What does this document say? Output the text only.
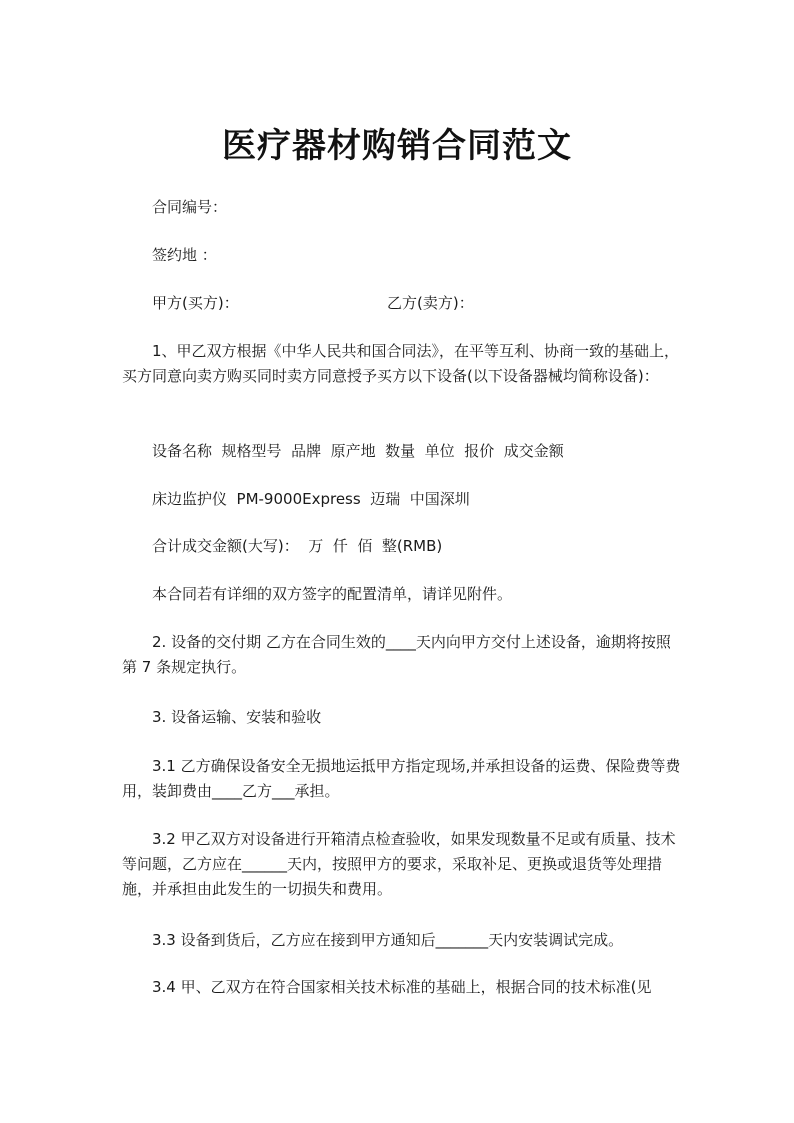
医疗器材购销合同范文
合同编号：
签约地 ：
甲方(买方)：	乙方(卖方)：
1、甲乙双方根据《中华人民共和国合同法》，在平等互利、协商一致的基础上，买方同意向卖方购买同时卖方同意授予买方以下设备(以下设备器械均简称设备)：
设备名称  规格型号  品牌  原产地  数量  单位  报价  成交金额
床边监护仪  PM-9000Express  迈瑞  中国深圳
合计成交金额(大写)：  万  仟  佰  整(RMB)
本合同若有详细的双方签字的配置清单，请详见附件。
2. 设备的交付期 乙方在合同生效的____天内向甲方交付上述设备，逾期将按照第 7 条规定执行。
3. 设备运输、安装和验收
3.1 乙方确保设备安全无损地运抵甲方指定现场,并承担设备的运费、保险费等费用，装卸费由____乙方___承担。
3.2 甲乙双方对设备进行开箱清点检查验收，如果发现数量不足或有质量、技术等问题，乙方应在______天内，按照甲方的要求，采取补足、更换或退货等处理措施，并承担由此发生的一切损失和费用。
3.3 设备到货后，乙方应在接到甲方通知后_______天内安装调试完成。
3.4 甲、乙双方在符合国家相关技术标准的基础上，根据合同的技术标准(见
